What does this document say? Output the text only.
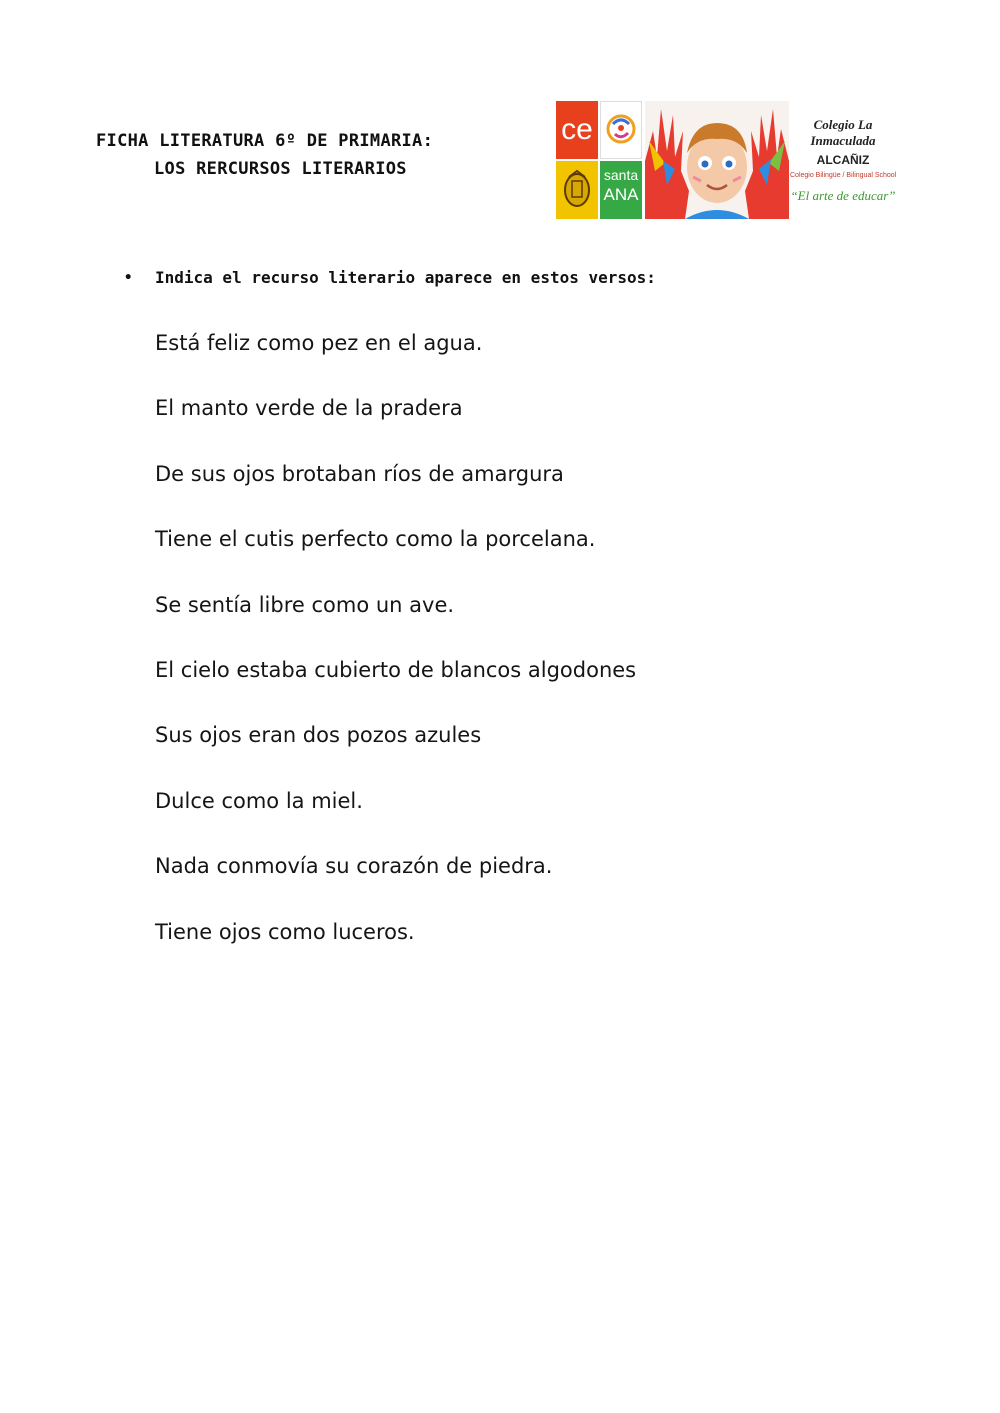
FICHA LITERATURA 6º DE PRIMARIA:
LOS RERCURSOS LITERARIOS
ce
santa
ANA
Colegio La Inmaculada
ALCAÑIZ
Colegio Bilingüe / Bilingual School
“El arte de educar”
•	Indica el recurso literario aparece en estos versos:
Está feliz como pez en el agua.
El manto verde de la pradera
De sus ojos brotaban ríos de amargura
Tiene el cutis perfecto como la porcelana.
Se sentía libre como un ave.
El cielo estaba cubierto de blancos algodones
Sus ojos eran dos pozos azules
Dulce como la miel.
Nada conmovía su corazón de piedra.
Tiene ojos como luceros.
